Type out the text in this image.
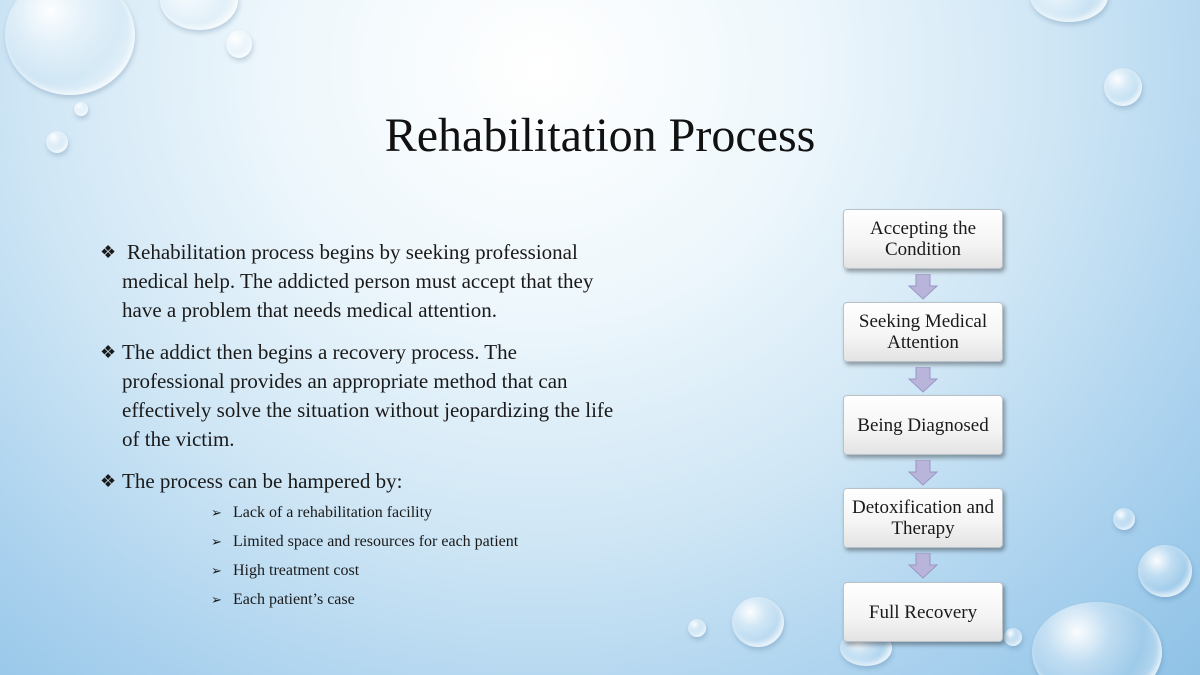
Rehabilitation Process
❖ Rehabilitation process begins by seeking professional medical help. The addicted person must accept that they have a problem that needs medical attention.
❖ The addict then begins a recovery process. The professional provides an appropriate method that can effectively solve the situation without jeopardizing the life of the victim.
❖ The process can be hampered by:
➢ Lack of a rehabilitation facility
➢ Limited space and resources for each patient
➢ High treatment cost
➢ Each patient’s case
Accepting the Condition
Seeking Medical Attention
Being Diagnosed
Detoxification and Therapy
Full Recovery
